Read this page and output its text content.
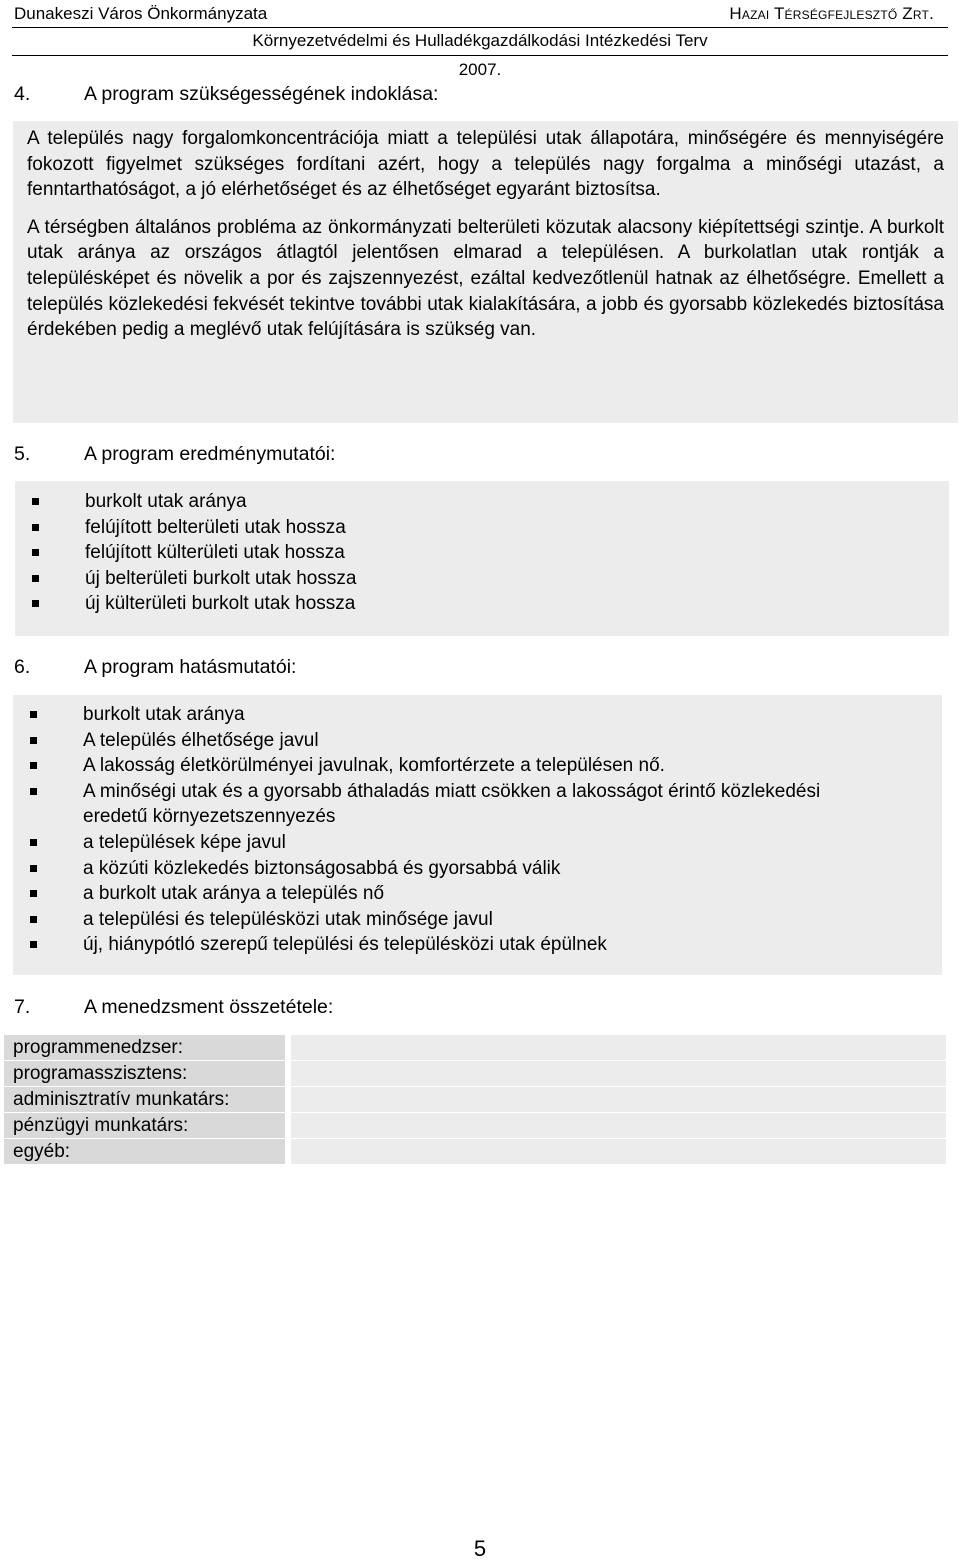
Dunakeszi Város Önkormányzata	Hazai Térségfejlesztő Zrt.
Környezetvédelmi és Hulladékgazdálkodási Intézkedési Terv
2007.
4.	A program szükségességének indoklása:

A település nagy forgalomkoncentrációja miatt a települési utak állapotára, minőségére és mennyiségére fokozott figyelmet szükséges fordítani azért, hogy a település nagy forgalma a minőségi utazást, a fenntarthatóságot, a jó elérhetőséget és az élhetőséget egyaránt biztosítsa.

A térségben általános probléma az önkormányzati belterületi közutak alacsony kiépítettségi szintje. A burkolt utak aránya az országos átlagtól jelentősen elmarad a településen. A burkolatlan utak rontják a településképet és növelik a por és zajszennyezést, ezáltal kedvezőtlenül hatnak az élhetőségre. Emellett a település közlekedési fekvését tekintve további utak kialakítására, a jobb és gyorsabb közlekedés biztosítása érdekében pedig a meglévő utak felújítására is szükség van.

5.	A program eredménymutatói:
burkolt utak aránya
felújított belterületi utak hossza
felújított külterületi utak hossza
új belterületi burkolt utak hossza
új külterületi burkolt utak hossza
6.	A program hatásmutatói:
burkolt utak aránya
A település élhetősége javul
A lakosság életkörülményei javulnak, komfortérzete a településen nő.
A minőségi utak és a gyorsabb áthaladás miatt csökken a lakosságot érintő közlekedési eredetű környezetszennyezés
a települések képe javul
a közúti közlekedés biztonságosabbá és gyorsabbá válik
a burkolt utak aránya a település nő
a települési és településközi utak minősége javul
új, hiánypótló szerepű települési és településközi utak épülnek
7.	A menedzsment összetétele:
programmenedzser:
programasszisztens:
adminisztratív munkatárs:
pénzügyi munkatárs:
egyéb:
5
